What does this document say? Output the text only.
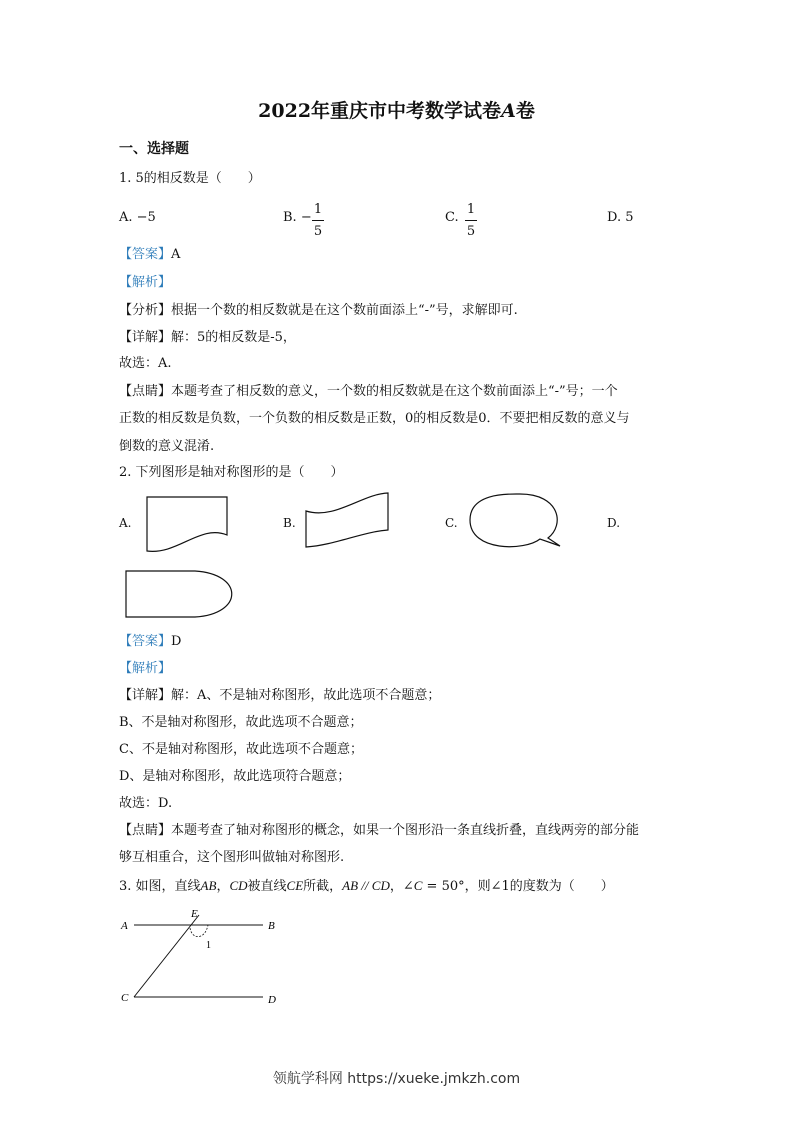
2022年重庆市中考数学试卷A卷
一、选择题
1. 5的相反数是（　　）
A. −5	B. −
1
5
C.
1
5
D. 5
【答案】A
【解析】
【分析】根据一个数的相反数就是在这个数前面添上“-”号，求解即可.
【详解】解：5的相反数是-5，
故选：A.
【点睛】本题考查了相反数的意义，一个数的相反数就是在这个数前面添上“-”号；一个
正数的相反数是负数，一个负数的相反数是正数，0的相反数是0．不要把相反数的意义与
倒数的意义混淆.
2. 下列图形是轴对称图形的是（　　）
A.	B.	C.	D.
【答案】D
【解析】
【详解】解：A、不是轴对称图形，故此选项不合题意；
B、不是轴对称图形，故此选项不合题意；
C、不是轴对称图形，故此选项不合题意；
D、是轴对称图形，故此选项符合题意；
故选：D.
【点睛】本题考查了轴对称图形的概念，如果一个图形沿一条直线折叠，直线两旁的部分能
够互相重合，这个图形叫做轴对称图形.
3. 如图，直线AB，CD被直线CE所截，AB // CD，∠C = 50°，则∠1的度数为（　　）
A	B
C	D
E
1
领航学科网 https://xueke.jmkzh.com
